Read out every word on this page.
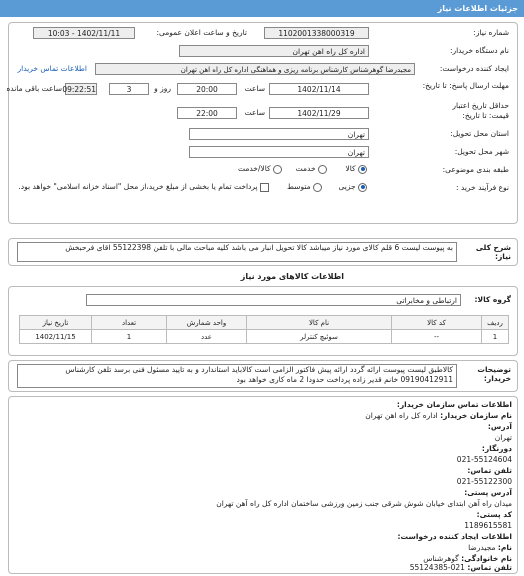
جزئیات اطلاعات نیاز
شماره نیاز:
1102001338000319
تاریخ و ساعت اعلان عمومی:
1402/11/11 - 10:03
نام دستگاه خریدار:
اداره کل راه اهن تهران
ایجاد کننده درخواست:
مجیدرضا گوهرشناس کارشناس برنامه ریزی و هماهنگی اداره کل راه اهن تهران
اطلاعات تماس خریدار
مهلت ارسال پاسخ: تا تاریخ:
1402/11/14
ساعت
20:00
روز و
3
09:22:51
ساعت باقی مانده
حداقل تاریخ اعتبار
قیمت: تا تاریخ:
1402/11/29
ساعت
22:00
استان محل تحویل:
تهران
شهر محل تحویل:
تهران
طبقه بندی موضوعی:
کالا
خدمت
کالا/خدمت
نوع فرآیند خرید :
جزیی
متوسط
پرداخت تمام یا بخشی از مبلغ خرید،از محل "اسناد خزانه اسلامی" خواهد بود.
شرح کلی نیاز:
به پیوست لیست 6 قلم کالای مورد نیاز میباشد کالا تحویل انبار می باشد کلیه مباحث مالی با تلفن 55122398 اقای فرحبخش
اطلاعات کالاهای مورد نیاز
گروه کالا:
ارتباطی و مخابراتی
ردیف	کد کالا	نام کالا	واحد شمارش	تعداد	تاریخ نیاز
1	--	سوئیچ کنترلر	عدد	1	1402/11/15
توضیحات خریدار:
کالاطبق لیست پیوست ارائه گردد ارائه پیش فاکتور الزامی است کالاباید استاندارد و به تایید مسئول فنی برسد تلفن کارشناس 09190412911 خانم قدیر زاده پرداخت حدودا 2 ماه کاری خواهد بود
اطلاعات تماس سازمان خریدار:
نام سازمان خریدار: اداره کل راه اهن تهران
آدرس:
تهران
دورنگار:
021-55124604
تلفن تماس:
021-55122300
آدرس پستی:
میدان راه آهن ابتدای خیابان شوش شرقی جنب زمین ورزشی ساختمان اداره کل راه آهن تهران
کد پستی:
1189615581
اطلاعات ایجاد کننده درخواست:
نام: مجیدرضا
نام خانوادگی: گوهرشناس
تلفن تماس: 021-55124385
